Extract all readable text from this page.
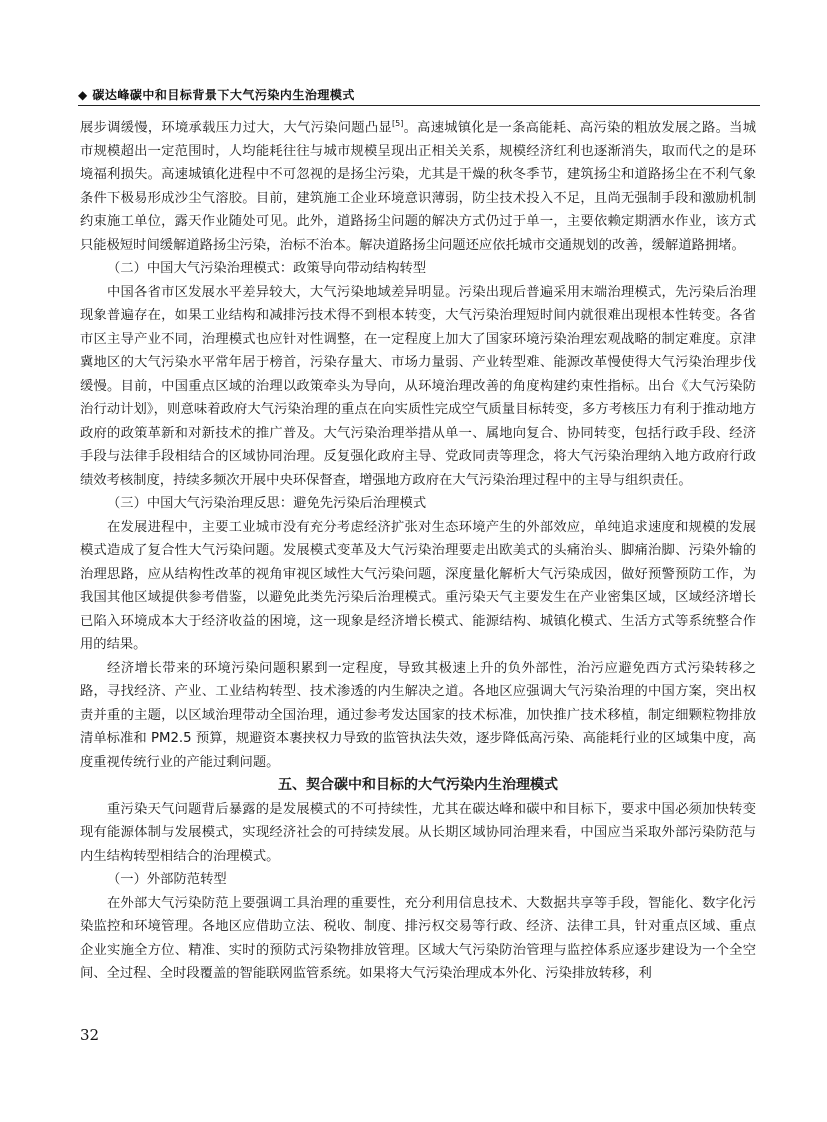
◆ 碳达峰碳中和目标背景下大气污染内生治理模式

展步调缓慢，环境承载压力过大，大气污染问题凸显[5]。高速城镇化是一条高能耗、高污染的粗放发展之路。当城市规模超出一定范围时，人均能耗往往与城市规模呈现出正相关关系，规模经济红利也逐渐消失，取而代之的是环境福利损失。高速城镇化进程中不可忽视的是扬尘污染，尤其是干燥的秋冬季节，建筑扬尘和道路扬尘在不利气象条件下极易形成沙尘气溶胶。目前，建筑施工企业环境意识薄弱，防尘技术投入不足，且尚无强制手段和激励机制约束施工单位，露天作业随处可见。此外，道路扬尘问题的解决方式仍过于单一，主要依赖定期洒水作业，该方式只能极短时间缓解道路扬尘污染，治标不治本。解决道路扬尘问题还应依托城市交通规划的改善，缓解道路拥堵。

（二）中国大气污染治理模式：政策导向带动结构转型

中国各省市区发展水平差异较大，大气污染地域差异明显。污染出现后普遍采用末端治理模式，先污染后治理现象普遍存在，如果工业结构和减排污技术得不到根本转变，大气污染治理短时间内就很难出现根本性转变。各省市区主导产业不同，治理模式也应针对性调整，在一定程度上加大了国家环境污染治理宏观战略的制定难度。京津冀地区的大气污染水平常年居于榜首，污染存量大、市场力量弱、产业转型难、能源改革慢使得大气污染治理步伐缓慢。目前，中国重点区域的治理以政策牵头为导向，从环境治理改善的角度构建约束性指标。出台《大气污染防治行动计划》，则意味着政府大气污染治理的重点在向实质性完成空气质量目标转变，多方考核压力有利于推动地方政府的政策革新和对新技术的推广普及。大气污染治理举措从单一、属地向复合、协同转变，包括行政手段、经济手段与法律手段相结合的区域协同治理。反复强化政府主导、党政同责等理念，将大气污染治理纳入地方政府行政绩效考核制度，持续多频次开展中央环保督查，增强地方政府在大气污染治理过程中的主导与组织责任。

（三）中国大气污染治理反思：避免先污染后治理模式

在发展进程中，主要工业城市没有充分考虑经济扩张对生态环境产生的外部效应，单纯追求速度和规模的发展模式造成了复合性大气污染问题。发展模式变革及大气污染治理要走出欧美式的头痛治头、脚痛治脚、污染外输的治理思路，应从结构性改革的视角审视区域性大气污染问题，深度量化解析大气污染成因，做好预警预防工作，为我国其他区域提供参考借鉴，以避免此类先污染后治理模式。重污染天气主要发生在产业密集区域，区域经济增长已陷入环境成本大于经济收益的困境，这一现象是经济增长模式、能源结构、城镇化模式、生活方式等系统整合作用的结果。

经济增长带来的环境污染问题积累到一定程度，导致其极速上升的负外部性，治污应避免西方式污染转移之路，寻找经济、产业、工业结构转型、技术渗透的内生解决之道。各地区应强调大气污染治理的中国方案，突出权责并重的主题，以区域治理带动全国治理，通过参考发达国家的技术标准，加快推广技术移植，制定细颗粒物排放清单标准和 PM2.5 预算，规避资本裹挟权力导致的监管执法失效，逐步降低高污染、高能耗行业的区域集中度，高度重视传统行业的产能过剩问题。

五、契合碳中和目标的大气污染内生治理模式

重污染天气问题背后暴露的是发展模式的不可持续性，尤其在碳达峰和碳中和目标下，要求中国必须加快转变现有能源体制与发展模式，实现经济社会的可持续发展。从长期区域协同治理来看，中国应当采取外部污染防范与内生结构转型相结合的治理模式。

（一）外部防范转型

在外部大气污染防范上要强调工具治理的重要性，充分利用信息技术、大数据共享等手段，智能化、数字化污染监控和环境管理。各地区应借助立法、税收、制度、排污权交易等行政、经济、法律工具，针对重点区域、重点企业实施全方位、精准、实时的预防式污染物排放管理。区域大气污染防治管理与监控体系应逐步建设为一个全空间、全过程、全时段覆盖的智能联网监管系统。如果将大气污染治理成本外化、污染排放转移，利

32
